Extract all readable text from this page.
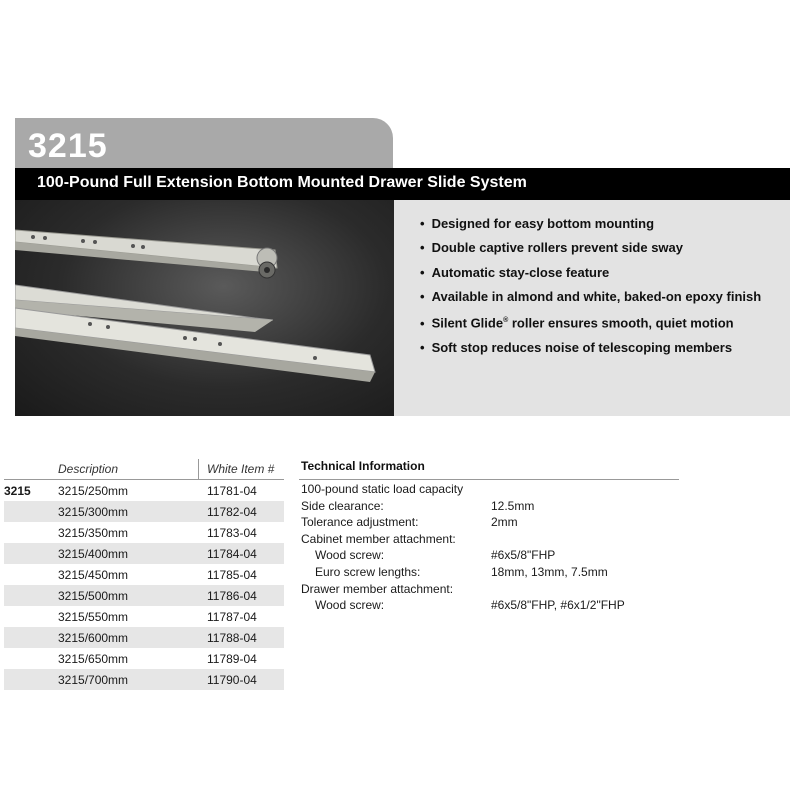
3215
100-Pound Full Extension Bottom Mounted Drawer Slide System
• Designed for easy bottom mounting
• Double captive rollers prevent side sway
• Automatic stay-close feature
• Available in almond and white, baked-on epoxy finish
• Silent Glide® roller ensures smooth, quiet motion
• Soft stop reduces noise of telescoping members
Description	White Item #
3215 3215/250mm	11781-04
3215/300mm	11782-04
3215/350mm	11783-04
3215/400mm	11784-04
3215/450mm	11785-04
3215/500mm	11786-04
3215/550mm	11787-04
3215/600mm	11788-04
3215/650mm	11789-04
3215/700mm	11790-04
Technical Information
100-pound static load capacity
Side clearance:	12.5mm
Tolerance adjustment:	2mm
Cabinet member attachment:
Wood screw:	#6x5/8"FHP
Euro screw lengths:	18mm, 13mm, 7.5mm
Drawer member attachment:
Wood screw:	#6x5/8"FHP, #6x1/2"FHP
